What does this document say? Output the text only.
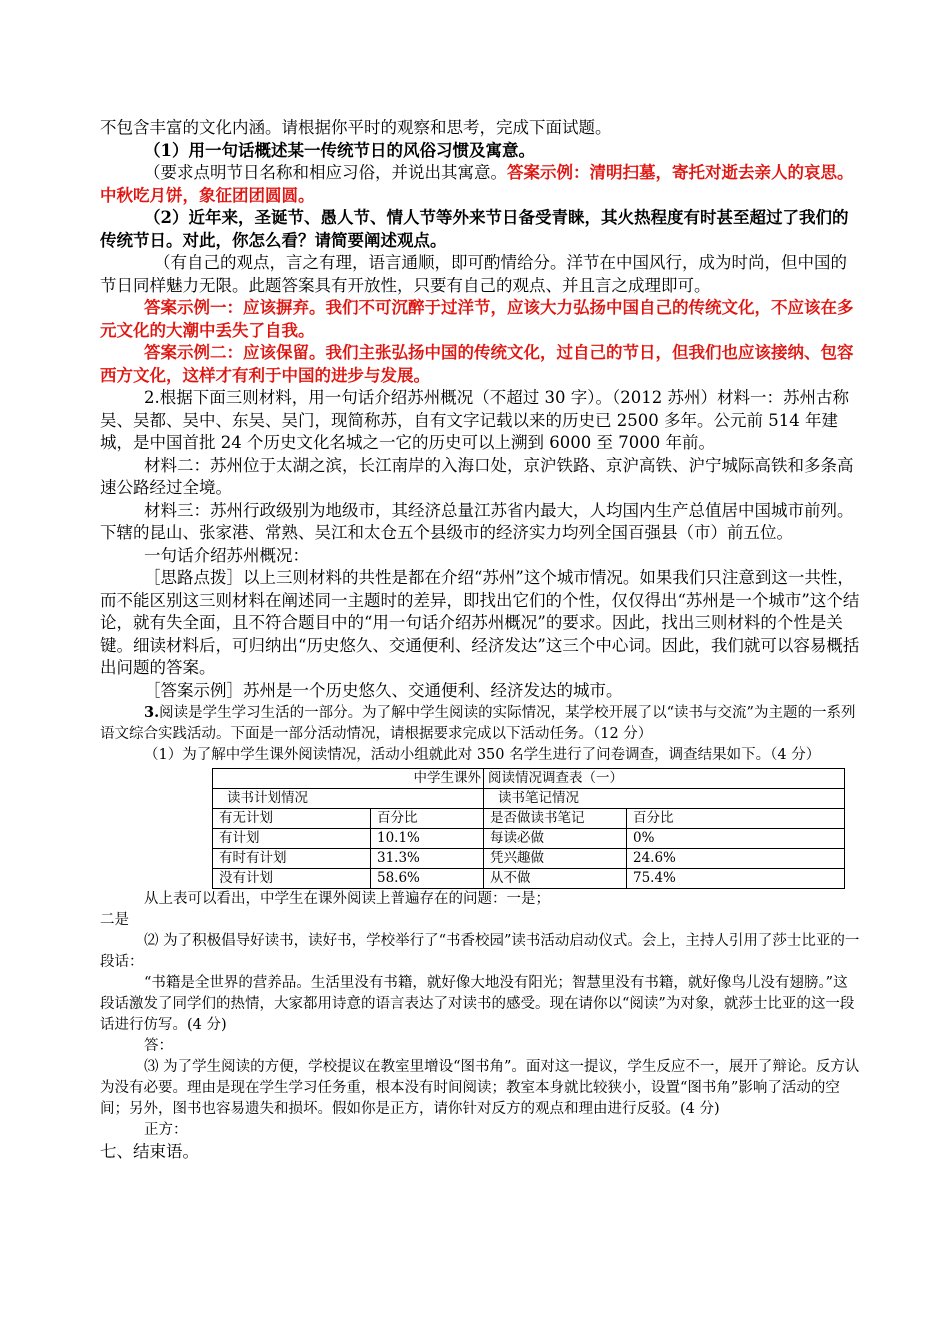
不包含丰富的文化内涵。请根据你平时的观察和思考，完成下面试题。

（1）用一句话概述某一传统节日的风俗习惯及寓意。

（要求点明节日名称和相应习俗，并说出其寓意。答案示例：清明扫墓，寄托对逝去亲人的哀思。中秋吃月饼，象征团团圆圆。

（2）近年来，圣诞节、愚人节、情人节等外来节日备受青睐，其火热程度有时甚至超过了我们的传统节日。对此，你怎么看？请简要阐述观点。

（有自己的观点，言之有理，语言通顺，即可酌情给分。洋节在中国风行，成为时尚，但中国的节日同样魅力无限。此题答案具有开放性，只要有自己的观点、并且言之成理即可。

答案示例一：应该摒弃。我们不可沉醉于过洋节，应该大力弘扬中国自己的传统文化，不应该在多元文化的大潮中丢失了自我。

答案示例二：应该保留。我们主张弘扬中国的传统文化，过自己的节日，但我们也应该接纳、包容西方文化，这样才有利于中国的进步与发展。

2.根据下面三则材料，用一句话介绍苏州概况（不超过 30 字）。（2012 苏州）材料一：苏州古称吴、吴都、吴中、东吴、吴门，现简称苏，自有文字记载以来的历史已 2500 多年。公元前 514 年建城，是中国首批 24 个历史文化名城之一它的历史可以上溯到 6000 至 7000 年前。

材料二：苏州位于太湖之滨，长江南岸的入海口处，京沪铁路、京沪高铁、沪宁城际高铁和多条高速公路经过全境。

材料三：苏州行政级别为地级市，其经济总量江苏省内最大，人均国内生产总值居中国城市前列。下辖的昆山、张家港、常熟、吴江和太仓五个县级市的经济实力均列全国百强县（市）前五位。

一句话介绍苏州概况：

［思路点拨］以上三则材料的共性是都在介绍“苏州”这个城市情况。如果我们只注意到这一共性，而不能区别这三则材料在阐述同一主题时的差异，即找出它们的个性，仅仅得出“苏州是一个城市”这个结论，就有失全面，且不符合题目中的“用一句话介绍苏州概况”的要求。因此，找出三则材料的个性是关键。细读材料后，可归纳出“历史悠久、交通便利、经济发达”这三个中心词。因此，我们就可以容易概括出问题的答案。

［答案示例］苏州是一个历史悠久、交通便利、经济发达的城市。

3.阅读是学生学习生活的一部分。为了解中学生阅读的实际情况，某学校开展了以“读书与交流”为主题的一系列语文综合实践活动。下面是一部分活动情况，请根据要求完成以下活动任务。（12 分）

（1）为了解中学生课外阅读情况，活动小组就此对 350 名学生进行了问卷调查，调查结果如下。（4 分）

中学生课外		阅读情况调查表（一）	
读书计划情况		读书笔记情况	
有无计划	百分比	是否做读书笔记	百分比
有计划	10.1%	每读必做	0%
有时有计划	31.3%	凭兴趣做	24.6%
没有计划	58.6%	从不做	75.4%

从上表可以看出，中学生在课外阅读上普遍存在的问题：一是；

二是

⑵ 为了积极倡导好读书，读好书，学校举行了“书香校园”读书活动启动仪式。会上，主持人引用了莎士比亚的一段话：

“书籍是全世界的营养品。生活里没有书籍，就好像大地没有阳光；智慧里没有书籍，就好像鸟儿没有翅膀。”这段话激发了同学们的热情，大家都用诗意的语言表达了对读书的感受。现在请你以“阅读”为对象，就莎士比亚的这一段话进行仿写。(4 分)

答：

⑶ 为了学生阅读的方便，学校提议在教室里增设“图书角”。面对这一提议，学生反应不一，展开了辩论。反方认为没有必要。理由是现在学生学习任务重，根本没有时间阅读；教室本身就比较狭小，设置“图书角”影响了活动的空间；另外，图书也容易遗失和损坏。假如你是正方，请你针对反方的观点和理由进行反驳。(4 分)

正方：

七、结束语。
